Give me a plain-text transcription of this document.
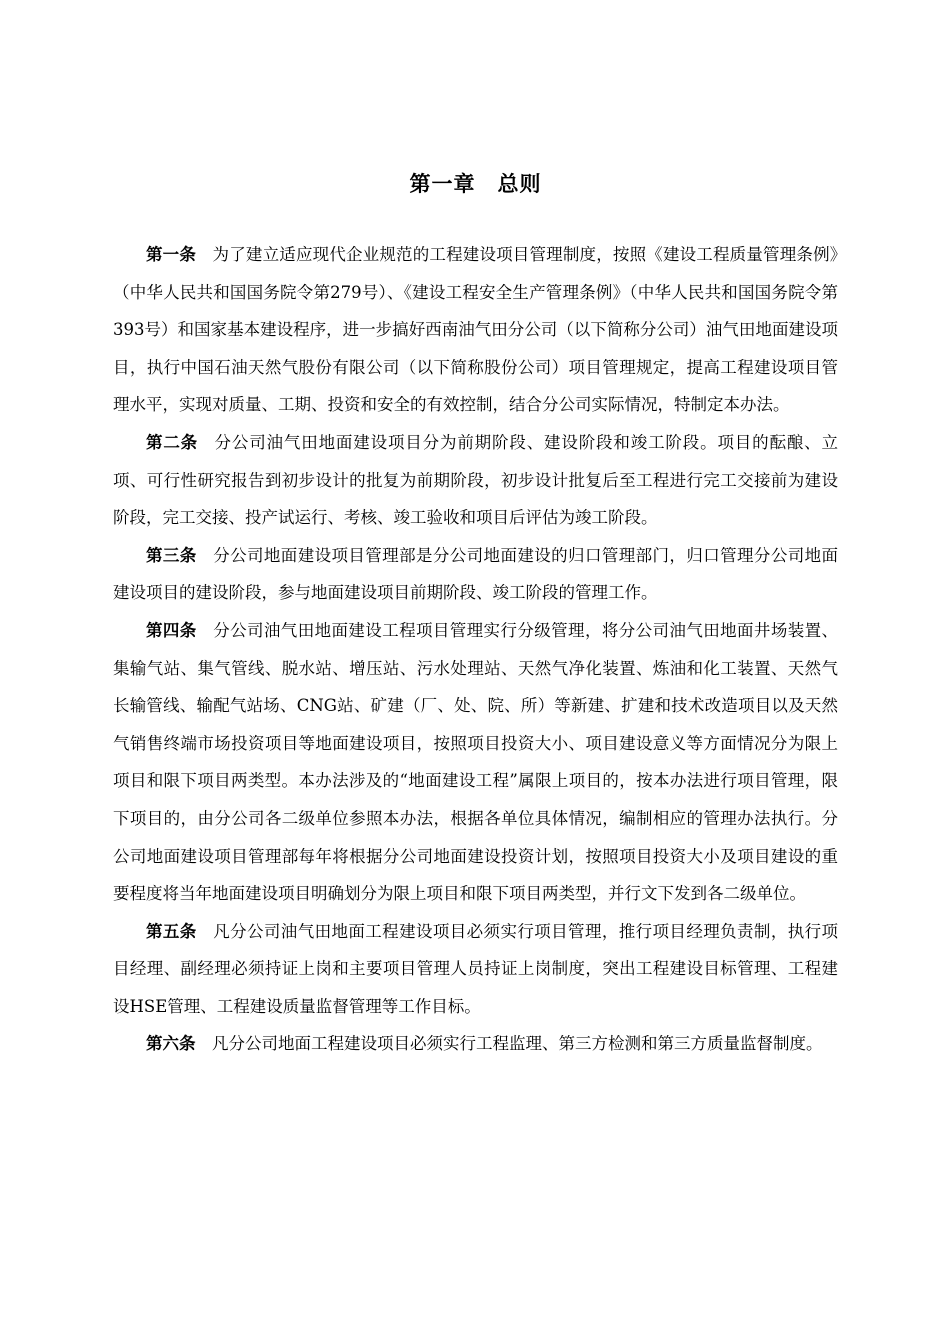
第一章　总则

第一条 为了建立适应现代企业规范的工程建设项目管理制度，按照《建设工程质量管理条例》（中华人民共和国国务院令第279号）、《建设工程安全生产管理条例》（中华人民共和国国务院令第393号）和国家基本建设程序，进一步搞好西南油气田分公司（以下简称分公司）油气田地面建设项目，执行中国石油天然气股份有限公司（以下简称股份公司）项目管理规定，提高工程建设项目管理水平，实现对质量、工期、投资和安全的有效控制，结合分公司实际情况，特制定本办法。

第二条 分公司油气田地面建设项目分为前期阶段、建设阶段和竣工阶段。项目的酝酿、立项、可行性研究报告到初步设计的批复为前期阶段，初步设计批复后至工程进行完工交接前为建设阶段，完工交接、投产试运行、考核、竣工验收和项目后评估为竣工阶段。

第三条 分公司地面建设项目管理部是分公司地面建设的归口管理部门，归口管理分公司地面建设项目的建设阶段，参与地面建设项目前期阶段、竣工阶段的管理工作。

第四条 分公司油气田地面建设工程项目管理实行分级管理，将分公司油气田地面井场装置、集输气站、集气管线、脱水站、增压站、污水处理站、天然气净化装置、炼油和化工装置、天然气长输管线、输配气站场、CNG站、矿建（厂、处、院、所）等新建、扩建和技术改造项目以及天然气销售终端市场投资项目等地面建设项目，按照项目投资大小、项目建设意义等方面情况分为限上项目和限下项目两类型。本办法涉及的“地面建设工程”属限上项目的，按本办法进行项目管理，限下项目的，由分公司各二级单位参照本办法，根据各单位具体情况，编制相应的管理办法执行。分公司地面建设项目管理部每年将根据分公司地面建设投资计划，按照项目投资大小及项目建设的重要程度将当年地面建设项目明确划分为限上项目和限下项目两类型，并行文下发到各二级单位。

第五条 凡分公司油气田地面工程建设项目必须实行项目管理，推行项目经理负责制，执行项目经理、副经理必须持证上岗和主要项目管理人员持证上岗制度，突出工程建设目标管理、工程建设HSE管理、工程建设质量监督管理等工作目标。

第六条 凡分公司地面工程建设项目必须实行工程监理、第三方检测和第三方质量监督制度。
